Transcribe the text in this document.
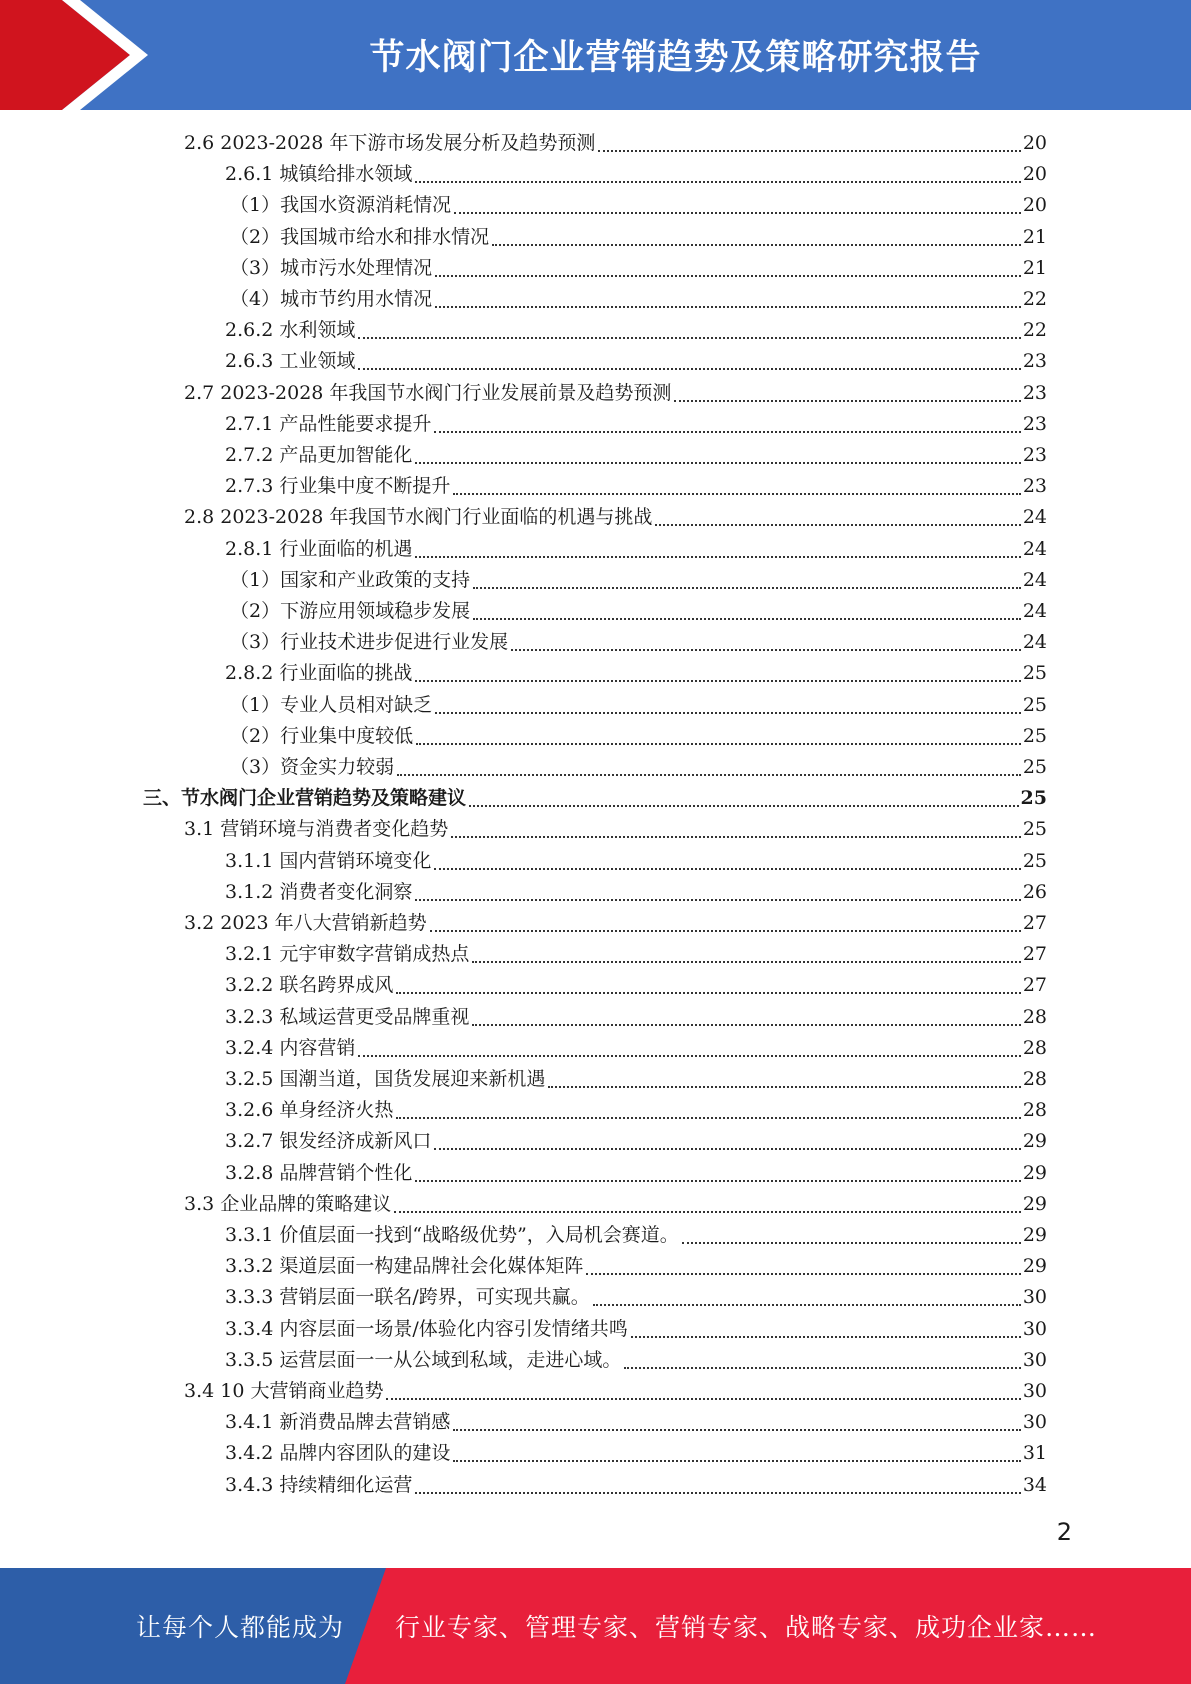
节水阀门企业营销趋势及策略研究报告
2.6 2023-2028 年下游市场发展分析及趋势预测	20
2.6.1 城镇给排水领域	20
（1）我国水资源消耗情况	20
（2）我国城市给水和排水情况	21
（3）城市污水处理情况	21
（4）城市节约用水情况	22
2.6.2 水利领域	22
2.6.3 工业领域	23
2.7 2023-2028 年我国节水阀门行业发展前景及趋势预测	23
2.7.1 产品性能要求提升	23
2.7.2 产品更加智能化	23
2.7.3 行业集中度不断提升	23
2.8 2023-2028 年我国节水阀门行业面临的机遇与挑战	24
2.8.1 行业面临的机遇	24
（1）国家和产业政策的支持	24
（2）下游应用领域稳步发展	24
（3）行业技术进步促进行业发展	24
2.8.2 行业面临的挑战	25
（1）专业人员相对缺乏	25
（2）行业集中度较低	25
（3）资金实力较弱	25
三、节水阀门企业营销趋势及策略建议	25
3.1 营销环境与消费者变化趋势	25
3.1.1 国内营销环境变化	25
3.1.2 消费者变化洞察	26
3.2 2023 年八大营销新趋势	27
3.2.1 元宇审数字营销成热点	27
3.2.2 联名跨界成风	27
3.2.3 私域运营更受品牌重视	28
3.2.4 内容营销	28
3.2.5 国潮当道，国货发展迎来新机遇	28
3.2.6 单身经济火热	28
3.2.7 银发经济成新风口	29
3.2.8 品牌营销个性化	29
3.3 企业品牌的策略建议	29
3.3.1 价值层面一找到“战略级优势”，入局机会赛道。	29
3.3.2 渠道层面一构建品牌社会化媒体矩阵	29
3.3.3 营销层面一联名/跨界，可实现共赢。	30
3.3.4 内容层面一场景/体验化内容引发情绪共鸣	30
3.3.5 运营层面一一从公域到私域，走进心域。	30
3.4 10 大营销商业趋势	30
3.4.1 新消费品牌去营销感	30
3.4.2 品牌内容团队的建设	31
3.4.3 持续精细化运营	34
2
让每个人都能成为	行业专家、管理专家、营销专家、战略专家、成功企业家……
